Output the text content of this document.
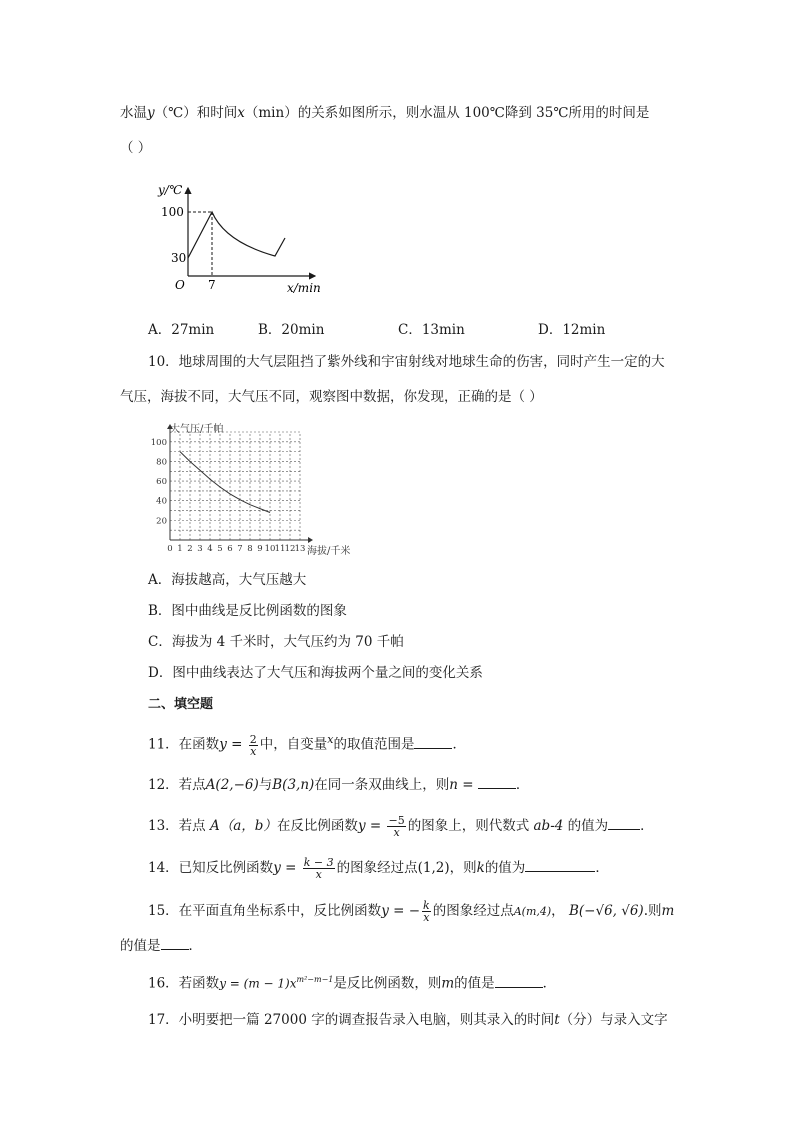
水温y（℃）和时间x（min）的关系如图所示，则水温从 100℃降到 35℃所用的时间是
（ ）
y/℃
100
30
O 7	x/min
A．27min	B．20min	C．13min	D．12min
10．地球周围的大气层阻挡了紫外线和宇宙射线对地球生命的伤害，同时产生一定的大
气压，海拔不同，大气压不同，观察图中数据，你发现，正确的是（ ）
0 1 2 3 4 5 6 7 8 9 10 11 12 13
20
40
60
80
100
大气压/千帕
海拔/千米
A．海拔越高，大气压越大
B．图中曲线是反比例函数的图象
C．海拔为 4 千米时，大气压约为 70 千帕
D．图中曲线表达了大气压和海拔两个量之间的变化关系
二、填空题
11．在函数$y = \frac{2}{x}$ 中，自变量$^x$的取值范围是	．
12．若点A(2,−6)与B(3,n)在同一条双曲线上，则n =	．
13．若点 A（a，b）在反比例函数$y = \frac{-5}{x}$ 的图象上，则代数式 ab-4 的值为 ．
14．已知反比例函数$y = \frac{k - 3}{x}$ 的图象经过点(1,2)，则k的值为	．
15．在平面直角坐标系中，反比例函数y = − $\frac{k}{x}$ 的图象经过点A(m,4)， B(−√6, √6).则m
的值是 ．
16．若函数$y = (m - 1)x^{m^2-m-1}$是反比例函数，则m的值是	．
17．小明要把一篇 27000 字的调查报告录入电脑，则其录入的时间t（分）与录入文字
